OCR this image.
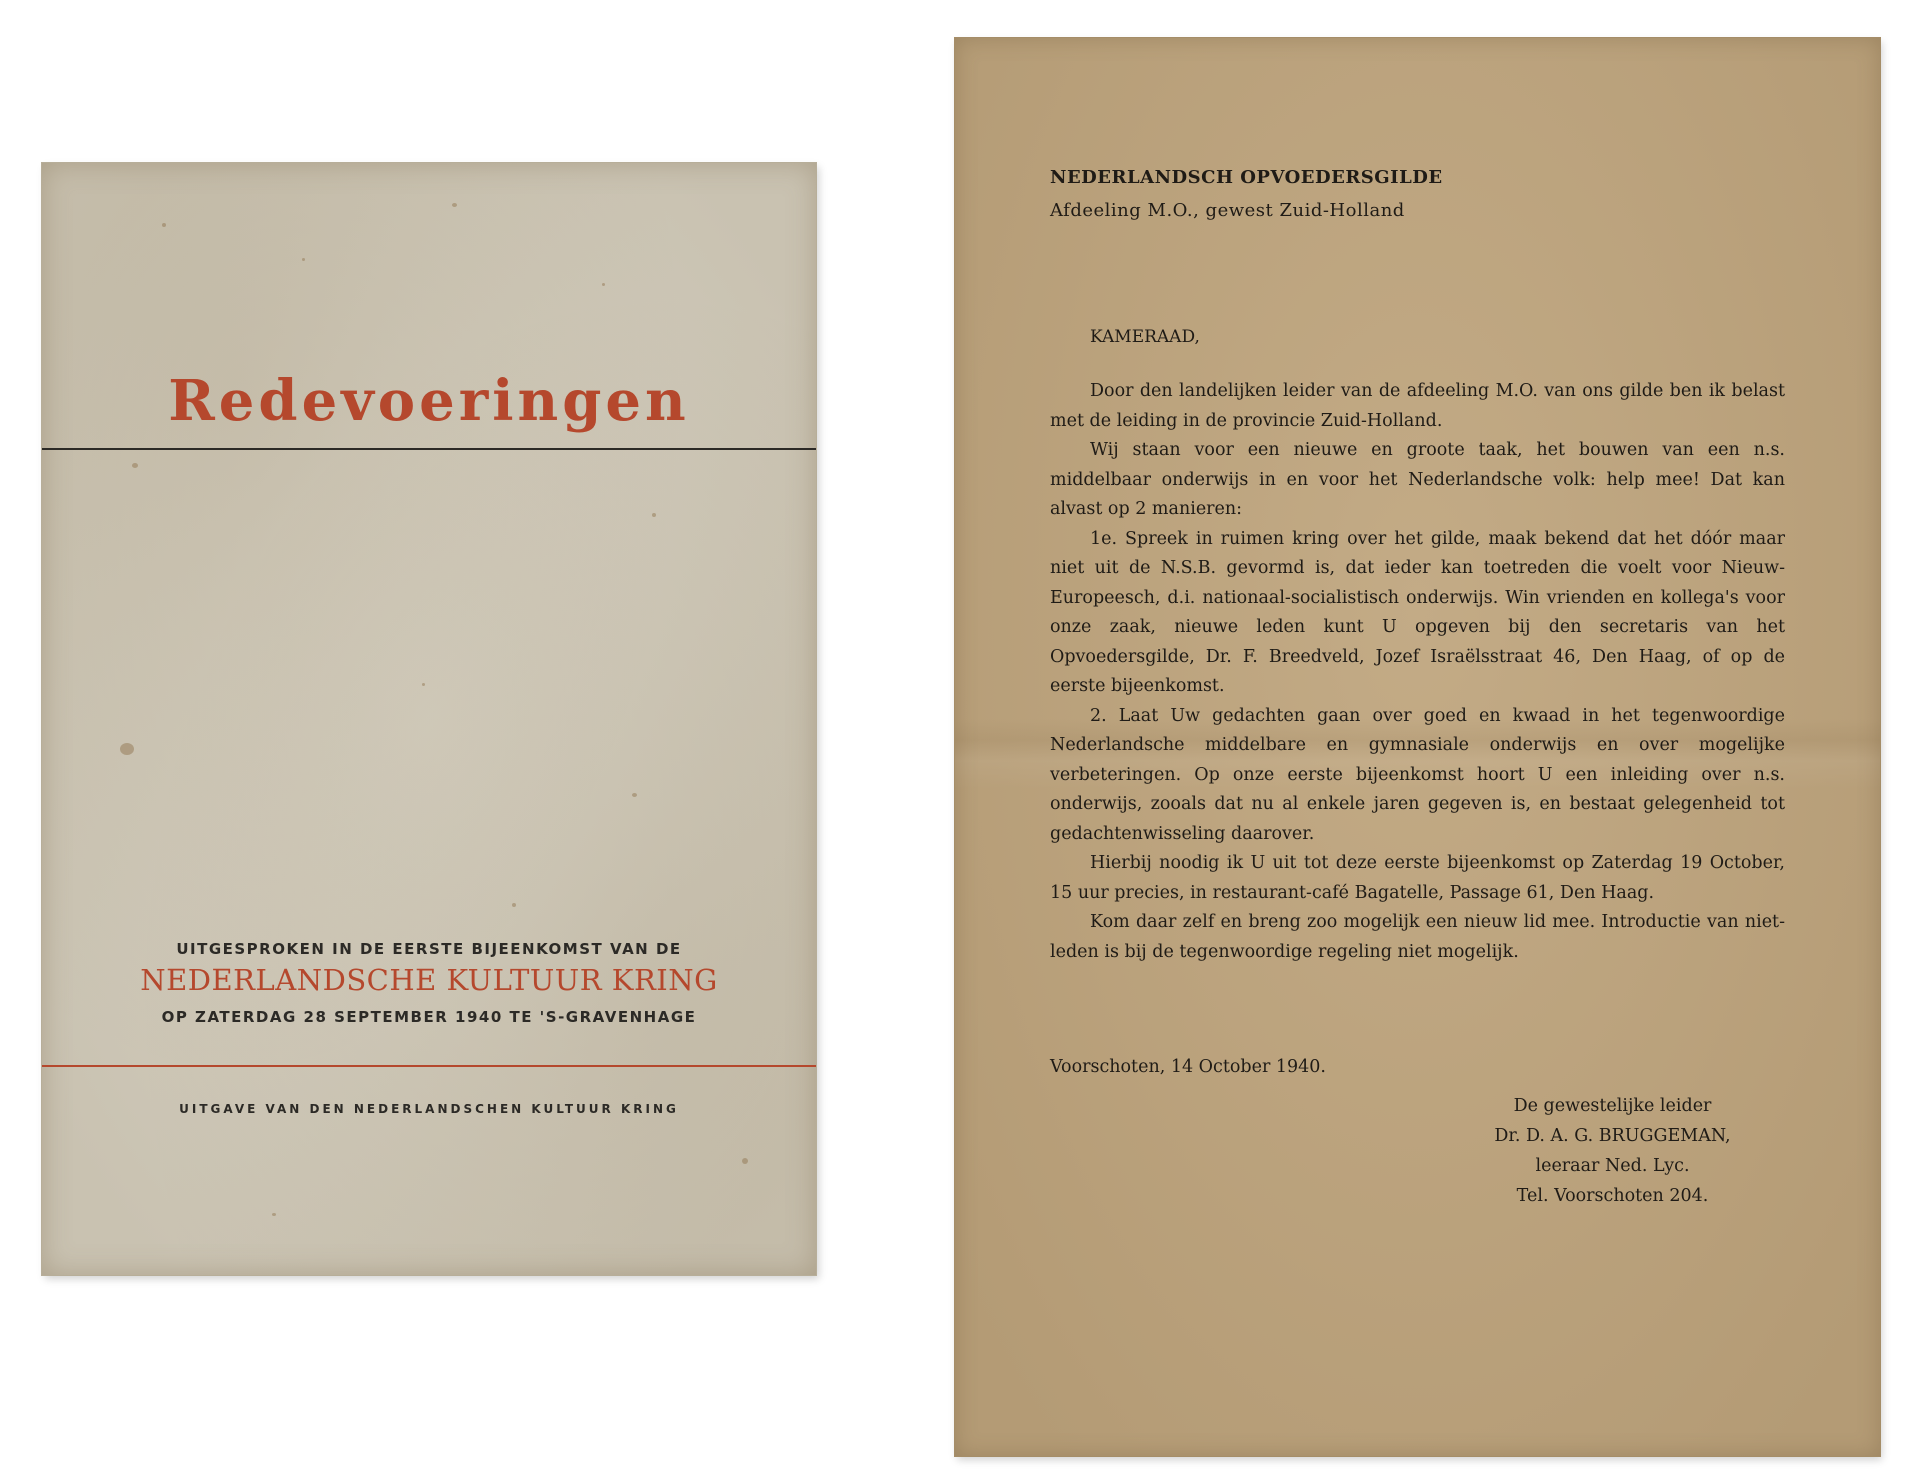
Redevoeringen
UITGESPROKEN IN DE EERSTE BIJEENKOMST VAN DE
NEDERLANDSCHE KULTUUR KRING
OP ZATERDAG 28 SEPTEMBER 1940 TE 'S-GRAVENHAGE
UITGAVE VAN DEN NEDERLANDSCHEN KULTUUR KRING
NEDERLANDSCH OPVOEDERSGILDE
Afdeeling M.O., gewest Zuid-Holland
KAMERAAD,

Door den landelijken leider van de afdeeling M.O. van ons gilde ben ik belast met de leiding in de provincie Zuid-Holland.

Wij staan voor een nieuwe en groote taak, het bouwen van een n.s. middelbaar onderwijs in en voor het Nederlandsche volk: help mee! Dat kan alvast op 2 manieren:

1e. Spreek in ruimen kring over het gilde, maak bekend dat het dóór maar niet uit de N.S.B. gevormd is, dat ieder kan toetreden die voelt voor Nieuw-Europeesch, d.i. nationaal-socialistisch onderwijs. Win vrienden en kollega's voor onze zaak, nieuwe leden kunt U opgeven bij den secretaris van het Opvoedersgilde, Dr. F. Breedveld, Jozef Israëlsstraat 46, Den Haag, of op de eerste bijeenkomst.

2. Laat Uw gedachten gaan over goed en kwaad in het tegenwoordige Nederlandsche middelbare en gymnasiale onderwijs en over mogelijke verbeteringen. Op onze eerste bijeenkomst hoort U een inleiding over n.s. onderwijs, zooals dat nu al enkele jaren gegeven is, en bestaat gelegenheid tot gedachtenwisseling daarover.

Hierbij noodig ik U uit tot deze eerste bijeenkomst op Zaterdag 19 October, 15 uur precies, in restaurant-café Bagatelle, Passage 61, Den Haag.

Kom daar zelf en breng zoo mogelijk een nieuw lid mee. Introductie van niet-leden is bij de tegenwoordige regeling niet mogelijk.

Voorschoten, 14 October 1940.
De gewestelijke leider
Dr. D. A. G. BRUGGEMAN,
leeraar Ned. Lyc.
Tel. Voorschoten 204.
